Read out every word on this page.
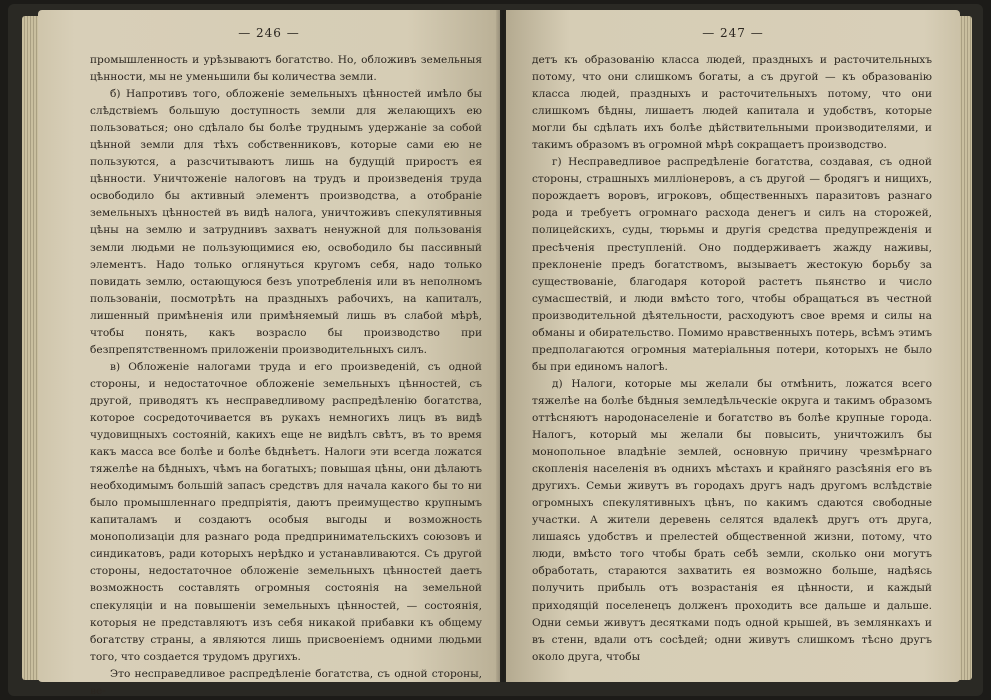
— 246 —

промышленность и урѣзываютъ богатство. Но, обложивъ земельныя цѣнности, мы не уменьшили бы количества земли.

б) Напротивъ того, обложеніе земельныхъ цѣнностей имѣло бы слѣдствіемъ большую доступность земли для желающихъ ею пользоваться; оно сдѣлало бы болѣе труднымъ удержаніе за собой цѣнной земли для тѣхъ собственниковъ, которые сами ею не пользуются, а разсчитываютъ лишь на будущій приростъ ея цѣнности. Уничтоженіе налоговъ на трудъ и произведенія труда освободило бы активный элементъ производства, а отобраніе земельныхъ цѣнностей въ видѣ налога, уничтоживъ спекулятивныя цѣны на землю и затруднивъ захватъ ненужной для пользованія земли людьми не пользующимися ею, освободило бы пассивный элементъ. Надо только оглянуться кругомъ себя, надо только повидать землю, остающуюся безъ употребленія или въ неполномъ пользованіи, посмотрѣть на праздныхъ рабочихъ, на капиталъ, лишенный примѣненія или примѣняемый лишь въ слабой мѣрѣ, чтобы понять, какъ возрасло бы производство при безпрепятственномъ приложеніи производительныхъ силъ.

в) Обложеніе налогами труда и его произведеній, съ одной стороны, и недостаточное обложеніе земельныхъ цѣнностей, съ другой, приводятъ къ несправедливому распредѣленію богатства, которое сосредоточивается въ рукахъ немногихъ лицъ въ видѣ чудовищныхъ состояній, какихъ еще не видѣлъ свѣтъ, въ то время какъ масса все болѣе и болѣе бѣднѣетъ. Налоги эти всегда ложатся тяжелѣе на бѣдныхъ, чѣмъ на богатыхъ; повышая цѣны, они дѣлаютъ необходимымъ большій запасъ средствъ для начала какого бы то ни было промышленнаго предпріятія, даютъ преимущество крупнымъ капиталамъ и создаютъ особыя выгоды и возможность монополизаціи для разнаго рода предпринимательскихъ союзовъ и синдикатовъ, ради которыхъ нерѣдко и устанавливаются. Съ другой стороны, недостаточное обложеніе земельныхъ цѣнностей даетъ возможность составлять огромныя состоянія на земельной спекуляціи и на повышеніи земельныхъ цѣнностей, — состоянія, которыя не представляютъ изъ себя никакой прибавки къ общему богатству страны, а являются лишь присвоеніемъ одними людьми того, что создается трудомъ другихъ.

Это несправедливое распредѣленіе богатства, съ одной стороны, ве-

— 247 —

детъ къ образованію класса людей, праздныхъ и расточительныхъ потому, что они слишкомъ богаты, а съ другой — къ образованію класса людей, праздныхъ и расточительныхъ потому, что они слишкомъ бѣдны, лишаетъ людей капитала и удобствъ, которые могли бы сдѣлать ихъ болѣе дѣйствительными производителями, и такимъ образомъ въ огромной мѣрѣ сокращаетъ производство.

г) Несправедливое распредѣленіе богатства, создавая, съ одной стороны, страшныхъ милліонеровъ, а съ другой — бродягъ и нищихъ, порождаетъ воровъ, игроковъ, общественныхъ паразитовъ разнаго рода и требуетъ огромнаго расхода денегъ и силъ на сторожей, полицейскихъ, суды, тюрьмы и другія средства предупрежденія и пресѣченія преступленій. Оно поддерживаетъ жажду наживы, преклоненіе предъ богатствомъ, вызываетъ жестокую борьбу за существованіе, благодаря которой растетъ пьянство и число сумасшествій, и люди вмѣсто того, чтобы обращаться въ честной производительной дѣятельности, расходуютъ свое время и силы на обманы и обирательство. Помимо нравственныхъ потерь, всѣмъ этимъ предполагаются огромныя матеріальныя потери, которыхъ не было бы при единомъ налогѣ.

д) Налоги, которые мы желали бы отмѣнить, ложатся всего тяжелѣе на болѣе бѣдныя земледѣльческіе округа и такимъ образомъ оттѣсняютъ народонаселеніе и богатство въ болѣе крупные города. Налогъ, который мы желали бы повысить, уничтожилъ бы монопольное владѣніе землей, основную причину чрезмѣрнаго скопленія населенія въ однихъ мѣстахъ и крайняго разсѣянія его въ другихъ. Семьи живутъ въ городахъ другъ надъ другомъ вслѣдствіе огромныхъ спекулятивныхъ цѣнъ, по какимъ сдаются свободные участки. А жители деревень селятся вдалекѣ другъ отъ друга, лишаясь удобствъ и прелестей общественной жизни, потому, что люди, вмѣсто того чтобы брать себѣ земли, сколько они могутъ обработать, стараются захватить ея возможно больше, надѣясь получить прибыль отъ возрастанія ея цѣнности, и каждый приходящій поселенецъ долженъ проходить все дальше и дальше. Одни семьи живутъ десятками подъ одной крышей, въ землянкахъ и въ стенн, вдали отъ сосѣдей; одни живутъ слишкомъ тѣсно другъ около друга, чтобы
